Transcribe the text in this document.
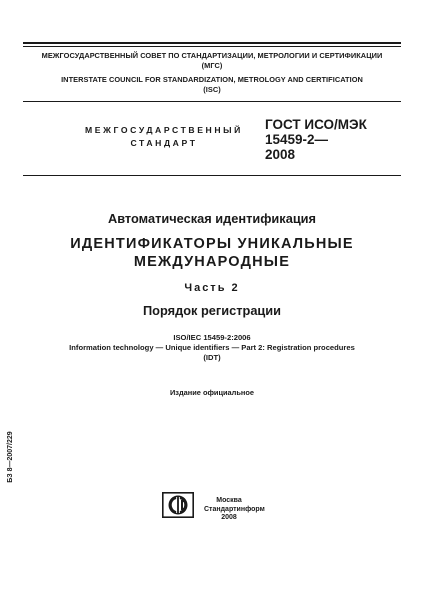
МЕЖГОСУДАРСТВЕННЫЙ СОВЕТ ПО СТАНДАРТИЗАЦИИ, МЕТРОЛОГИИ И СЕРТИФИКАЦИИ
(МГС)
INTERSTATE COUNCIL FOR STANDARDIZATION, METROLOGY AND CERTIFICATION
(ISC)
МЕЖГОСУДАРСТВЕННЫЙ
СТАНДАРТ
ГОСТ ИСО/МЭК
15459-2—
2008
Автоматическая идентификация
ИДЕНТИФИКАТОРЫ УНИКАЛЬНЫЕ
МЕЖДУНАРОДНЫЕ
Часть 2
Порядок регистрации
ISO/IEC 15459-2:2006
Information technology — Unique identifiers — Part 2: Registration procedures
(IDT)
Издание официальное
БЗ 8—2007/229
Москва
Стандартинформ
2008
